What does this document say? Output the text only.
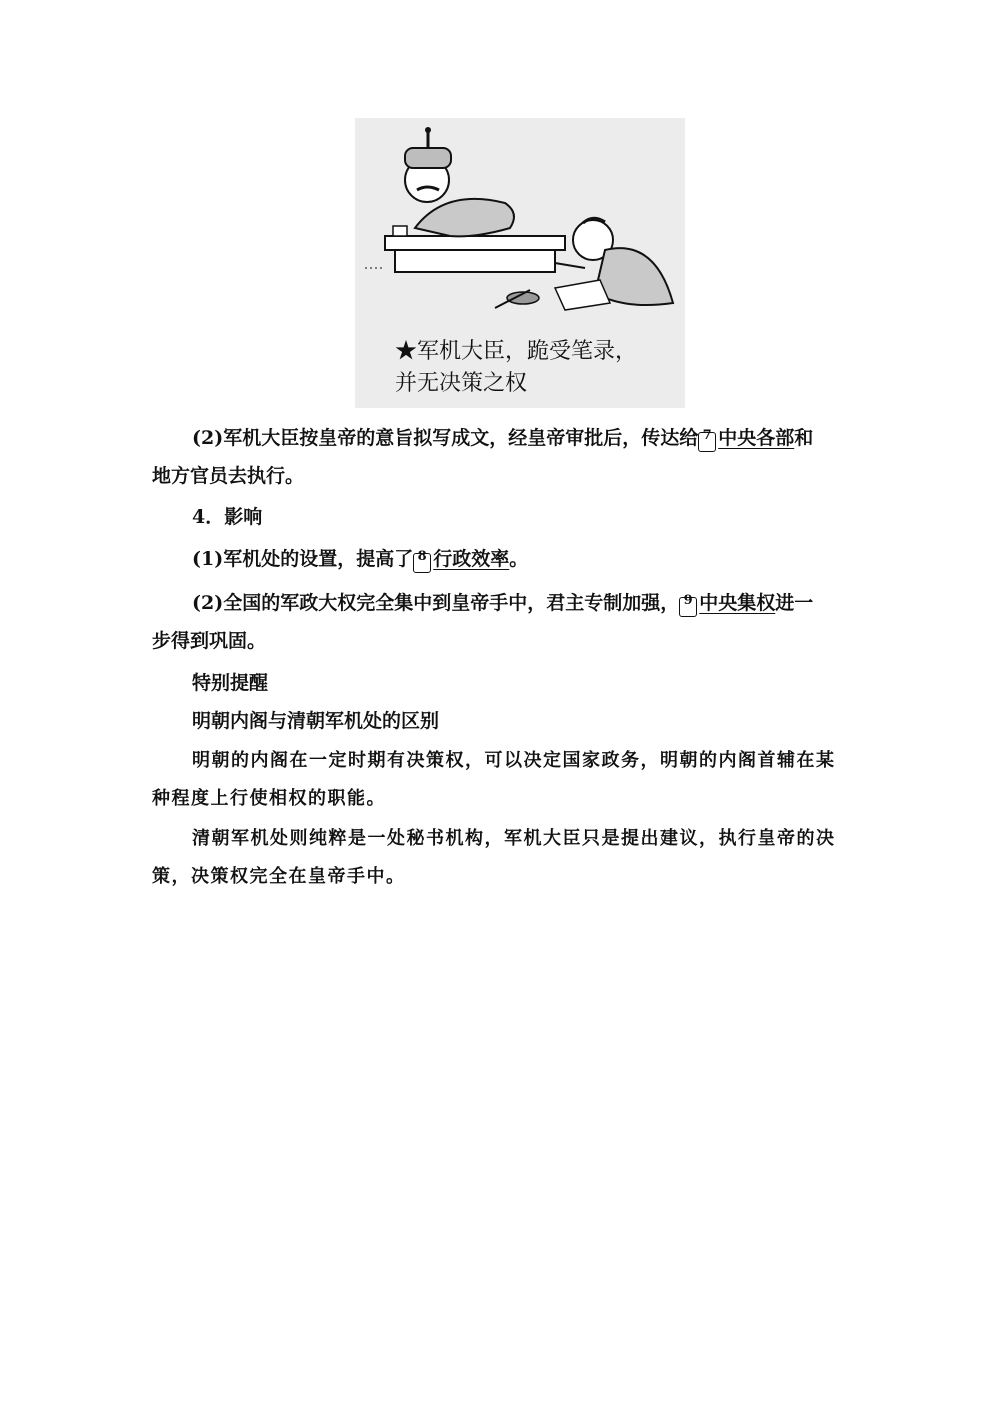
★军机大臣，跪受笔录，
并无决策之权
(2)军机大臣按皇帝的意旨拟写成文，经皇帝审批后，传达给 7 中央各部和
地方官员去执行。
4．影响
(1)军机处的设置，提高了 8 行政效率。
(2)全国的军政大权完全集中到皇帝手中，君主专制加强， 9 中央集权进一
步得到巩固。
特别提醒
明朝内阁与清朝军机处的区别
明朝的内阁在一定时期有决策权，可以决定国家政务，明朝的内阁首辅在某
种程度上行使相权的职能。
清朝军机处则纯粹是一处秘书机构，军机大臣只是提出建议，执行皇帝的决
策，决策权完全在皇帝手中。
